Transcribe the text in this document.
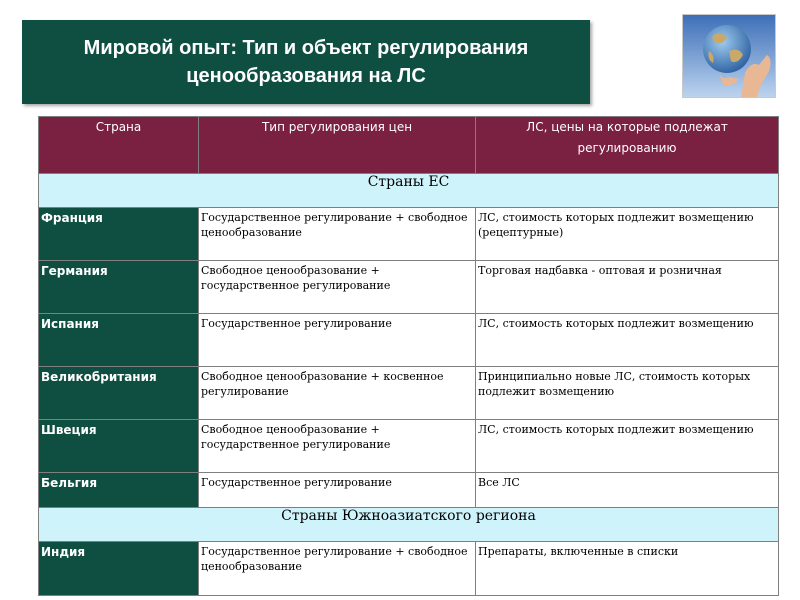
Мировой опыт: Тип и объект регулирования
ценообразования на ЛС
Страна	Тип регулирования цен	ЛС, цены на которые подлежат регулированию
Страны ЕС		
Франция	Государственное регулирование + свободное ценообразование	ЛС, стоимость которых подлежит возмещению (рецептурные)
Германия	Свободное ценообразование + государственное регулирование	Торговая надбавка - оптовая и розничная
Испания	Государственное регулирование	ЛС, стоимость которых подлежит возмещению
Великобритания	Свободное ценообразование + косвенное регулирование	Принципиально новые ЛС, стоимость которых подлежит возмещению
Швеция	Свободное ценообразование + государственное регулирование	ЛС, стоимость которых подлежит возмещению
Бельгия	Государственное регулирование	Все ЛС
Страны Южноазиатского региона		
Индия	Государственное регулирование + свободное ценообразование	Препараты, включенные в списки
